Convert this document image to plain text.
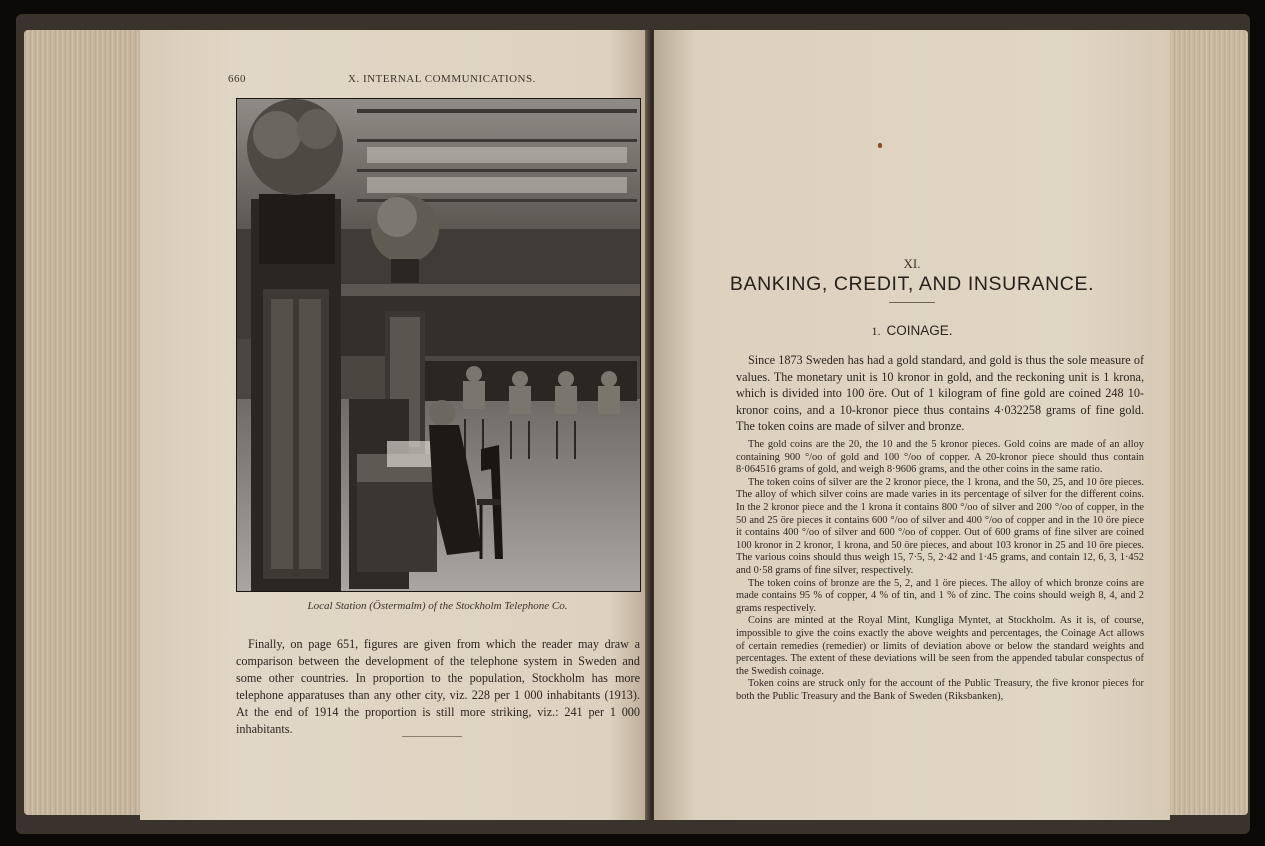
660	X. INTERNAL COMMUNICATIONS.
Local Station (Östermalm) of the Stockholm Telephone Co.

Finally, on page 651, figures are given from which the reader may draw a comparison between the development of the telephone system in Sweden and some other countries. In proportion to the population, Stockholm has more telephone apparatuses than any other city, viz. 228 per 1 000 inhabitants (1913). At the end of 1914 the proportion is still more striking, viz.: 241 per 1 000 inhabitants.

XI.
BANKING, CREDIT, AND INSURANCE.
1. COINAGE.

Since 1873 Sweden has had a gold standard, and gold is thus the sole measure of values. The monetary unit is 10 kronor in gold, and the reckoning unit is 1 krona, which is divided into 100 öre. Out of 1 kilogram of fine gold are coined 248 10-kronor coins, and a 10-kronor piece thus contains 4·032258 grams of fine gold. The token coins are made of silver and bronze.

The gold coins are the 20, the 10 and the 5 kronor pieces. Gold coins are made of an alloy containing 900 °/oo of gold and 100 °/oo of copper. A 20-kronor piece should thus contain 8·064516 grams of gold, and weigh 8·9606 grams, and the other coins in the same ratio.

The token coins of silver are the 2 kronor piece, the 1 krona, and the 50, 25, and 10 öre pieces. The alloy of which silver coins are made varies in its percentage of silver for the different coins. In the 2 kronor piece and the 1 krona it contains 800 °/oo of silver and 200 °/oo of copper, in the 50 and 25 öre pieces it contains 600 °/oo of silver and 400 °/oo of copper and in the 10 öre piece it contains 400 °/oo of silver and 600 °/oo of copper. Out of 600 grams of fine silver are coined 100 kronor in 2 kronor, 1 krona, and 50 öre pieces, and about 103 kronor in 25 and 10 öre pieces. The various coins should thus weigh 15, 7·5, 5, 2·42 and 1·45 grams, and contain 12, 6, 3, 1·452 and 0·58 grams of fine silver, respectively.

The token coins of bronze are the 5, 2, and 1 öre pieces. The alloy of which bronze coins are made contains 95 % of copper, 4 % of tin, and 1 % of zinc. The coins should weigh 8, 4, and 2 grams respectively.

Coins are minted at the Royal Mint, Kungliga Myntet, at Stockholm. As it is, of course, impossible to give the coins exactly the above weights and percentages, the Coinage Act allows of certain remedies (remedier) or limits of deviation above or below the standard weights and percentages. The extent of these deviations will be seen from the appended tabular conspectus of the Swedish coinage.

Token coins are struck only for the account of the Public Treasury, the five kronor pieces for both the Public Treasury and the Bank of Sweden (Riksbanken),
